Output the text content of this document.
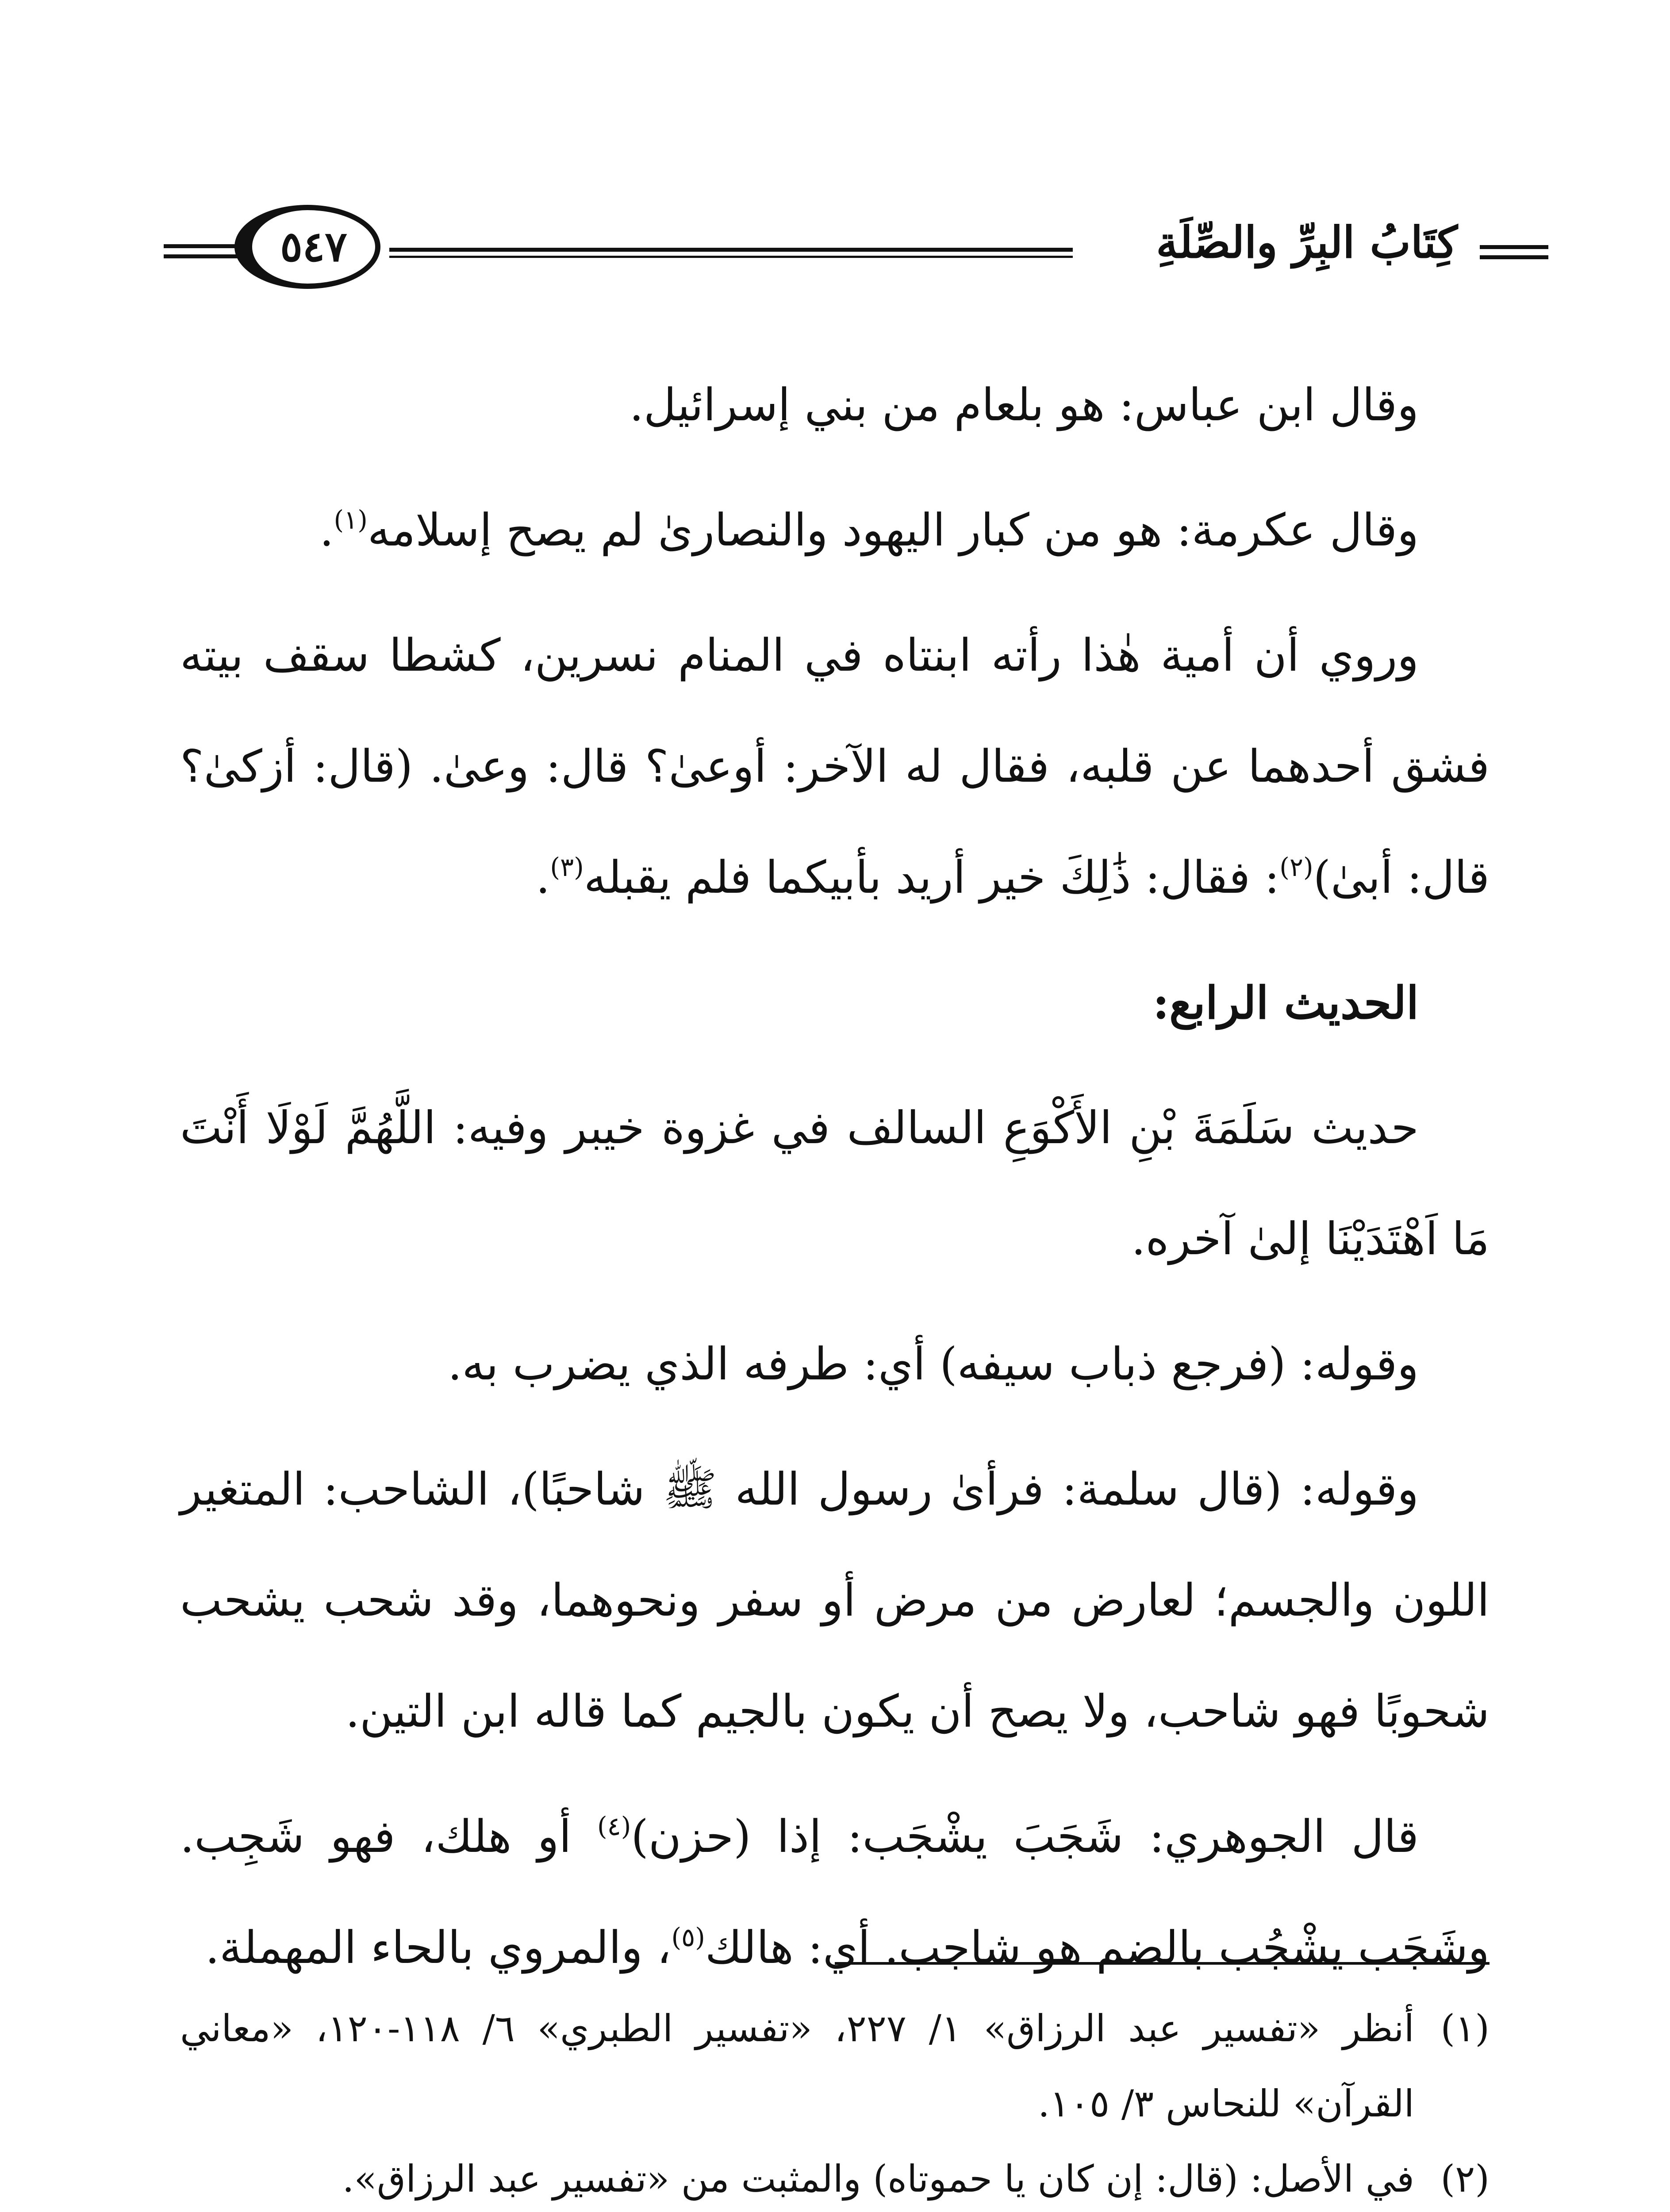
كِتَابُ البِرِّ والصِّلَةِ
٥٤٧

وقال ابن عباس: هو بلعام من بني إسرائيل.

وقال عكرمة: هو من كبار اليهود والنصارىٰ لم يصح إسلامه$^{(١)}$.

وروي أن أمية هٰذا رأته ابنتاه في المنام نسرين، كشطا سقف بيته فشق أحدهما عن قلبه، فقال له الآخر: أوعىٰ؟ قال: وعىٰ. (قال: أزكىٰ؟ قال: أبىٰ)$^{(٢)}$: فقال: ذَٰلِكَ خير أريد بأبيكما فلم يقبله$^{(٣)}$.

الحديث الرابع:

حديث سَلَمَةَ بْنِ الأَكْوَعِ السالف في غزوة خيبر وفيه: اللَّهُمَّ لَوْلَا أَنْتَ مَا اَهْتَدَيْنَا إلىٰ آخره.

وقوله: (فرجع ذباب سيفه) أي: طرفه الذي يضرب به.

وقوله: (قال سلمة: فرأىٰ رسول الله ﷺ شاحبًا)، الشاحب: المتغير اللون والجسم؛ لعارض من مرض أو سفر ونحوهما، وقد شحب يشحب شحوبًا فهو شاحب، ولا يصح أن يكون بالجيم كما قاله ابن التين.

قال الجوهري: شَجَبَ يشْجَب: إذا (حزن)$^{(٤)}$ أو هلك، فهو شَجِب. وشَجَب يشْجُب بالضم هو شاجب. أي: هالك$^{(٥)}$، والمروي بالحاء المهملة.

(١)
أنظر «تفسير عبد الرزاق» ١/ ٢٢٧، «تفسير الطبري» ٦/ ١١٨-١٢٠، «معاني القرآن» للنحاس ٣/ ١٠٥.
(٢)
في الأصل: (قال: إن كان يا حموتاه) والمثبت من «تفسير عبد الرزاق».
